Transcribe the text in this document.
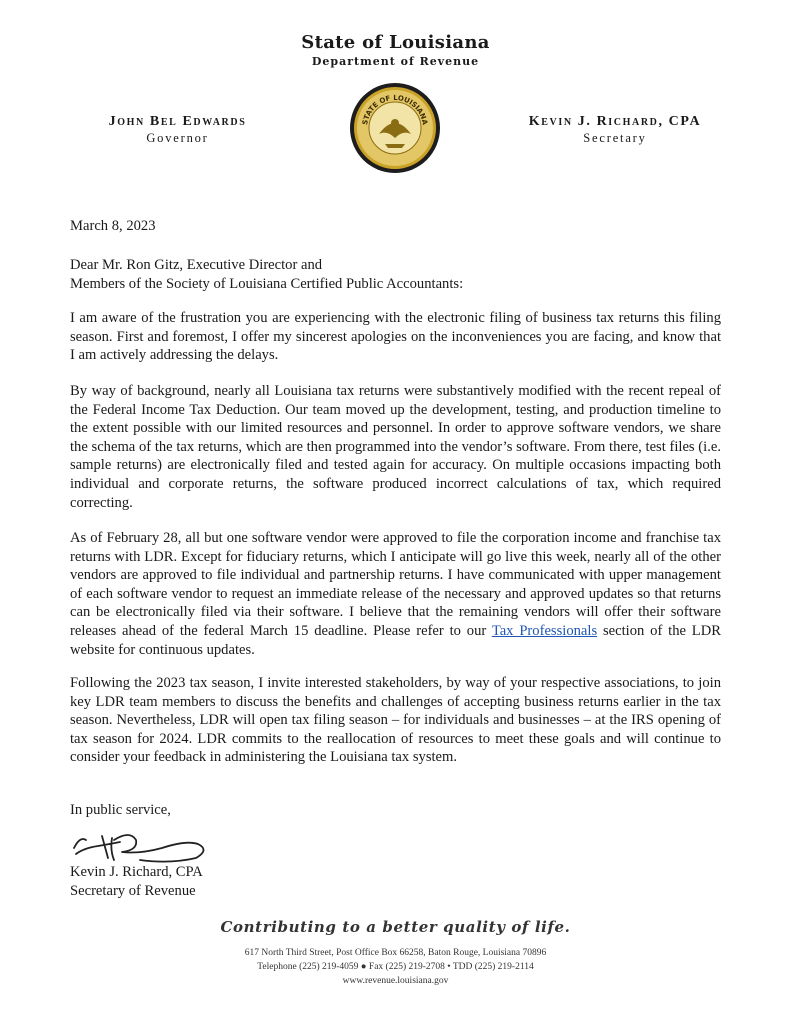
State of Louisiana
Department of Revenue
John Bel Edwards
Governor
STATE OF LOUISIANA	Kevin J. Richard, CPA
Secretary
March 8, 2023
Dear Mr. Ron Gitz, Executive Director and
Members of the Society of Louisiana Certified Public Accountants:
I am aware of the frustration you are experiencing with the electronic filing of business tax returns this filing season. First and foremost, I offer my sincerest apologies on the inconveniences you are facing, and know that I am actively addressing the delays.
By way of background, nearly all Louisiana tax returns were substantively modified with the recent repeal of the Federal Income Tax Deduction. Our team moved up the development, testing, and production timeline to the extent possible with our limited resources and personnel. In order to approve software vendors, we share the schema of the tax returns, which are then programmed into the vendor’s software. From there, test files (i.e. sample returns) are electronically filed and tested again for accuracy. On multiple occasions impacting both individual and corporate returns, the software produced incorrect calculations of tax, which required correcting.
As of February 28, all but one software vendor were approved to file the corporation income and franchise tax returns with LDR. Except for fiduciary returns, which I anticipate will go live this week, nearly all of the other vendors are approved to file individual and partnership returns. I have communicated with upper management of each software vendor to request an immediate release of the necessary and approved updates so that returns can be electronically filed via their software. I believe that the remaining vendors will offer their software releases ahead of the federal March 15 deadline. Please refer to our Tax Professionals section of the LDR website for continuous updates.
Following the 2023 tax season, I invite interested stakeholders, by way of your respective associations, to join key LDR team members to discuss the benefits and challenges of accepting business returns earlier in the tax season. Nevertheless, LDR will open tax filing season – for individuals and businesses – at the IRS opening of tax season for 2024. LDR commits to the reallocation of resources to meet these goals and will continue to consider your feedback in administering the Louisiana tax system.
In public service,
Kevin J. Richard, CPA
Secretary of Revenue
Contributing to a better quality of life.
617 North Third Street, Post Office Box 66258, Baton Rouge, Louisiana 70896
Telephone (225) 219-4059 ● Fax (225) 219-2708 • TDD (225) 219-2114
www.revenue.louisiana.gov
